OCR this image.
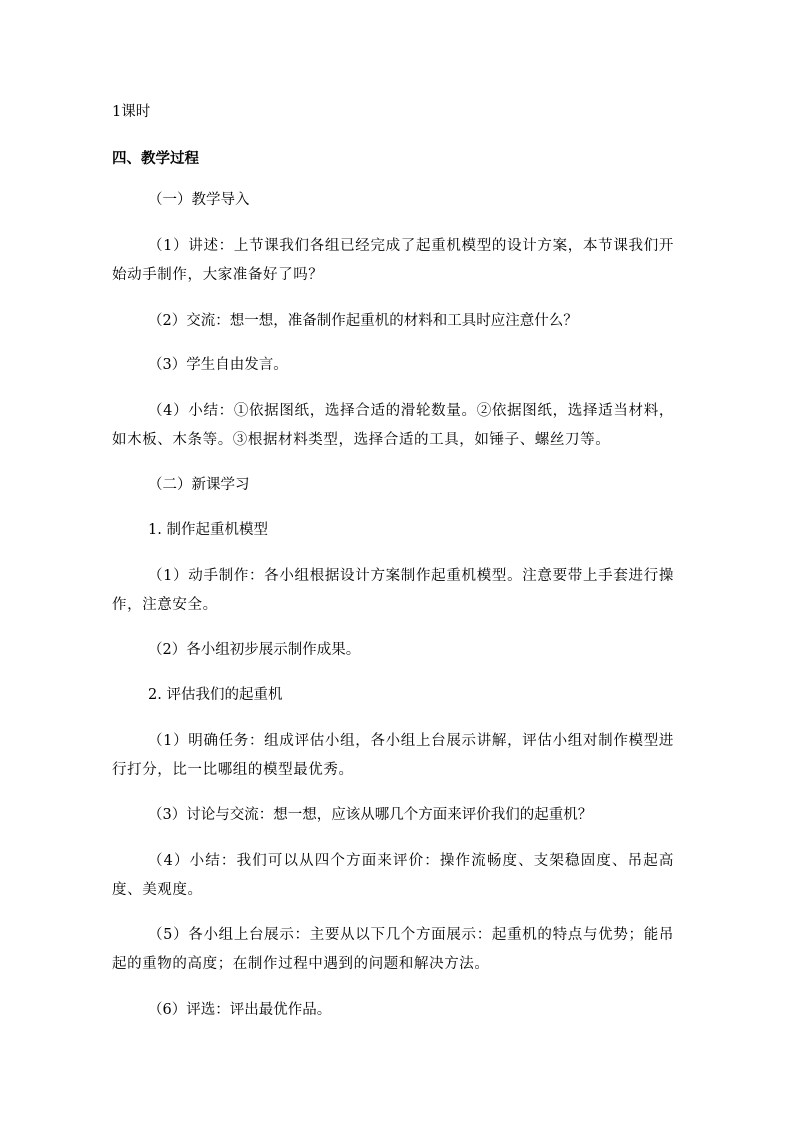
1课时
四、教学过程
（一）教学导入
（1）讲述：上节课我们各组已经完成了起重机模型的设计方案，本节课我们开始动手制作，大家准备好了吗？
（2）交流：想一想，准备制作起重机的材料和工具时应注意什么？
（3）学生自由发言。
（4）小结：①依据图纸，选择合适的滑轮数量。②依据图纸，选择适当材料，如木板、木条等。③根据材料类型，选择合适的工具，如锤子、螺丝刀等。
（二）新课学习
1. 制作起重机模型
（1）动手制作：各小组根据设计方案制作起重机模型。注意要带上手套进行操作，注意安全。
（2）各小组初步展示制作成果。
2. 评估我们的起重机
（1）明确任务：组成评估小组，各小组上台展示讲解，评估小组对制作模型进行打分，比一比哪组的模型最优秀。
（3）讨论与交流：想一想，应该从哪几个方面来评价我们的起重机？
（4）小结：我们可以从四个方面来评价：操作流畅度、支架稳固度、吊起高度、美观度。
（5）各小组上台展示：主要从以下几个方面展示：起重机的特点与优势；能吊起的重物的高度；在制作过程中遇到的问题和解决方法。
（6）评选：评出最优作品。
